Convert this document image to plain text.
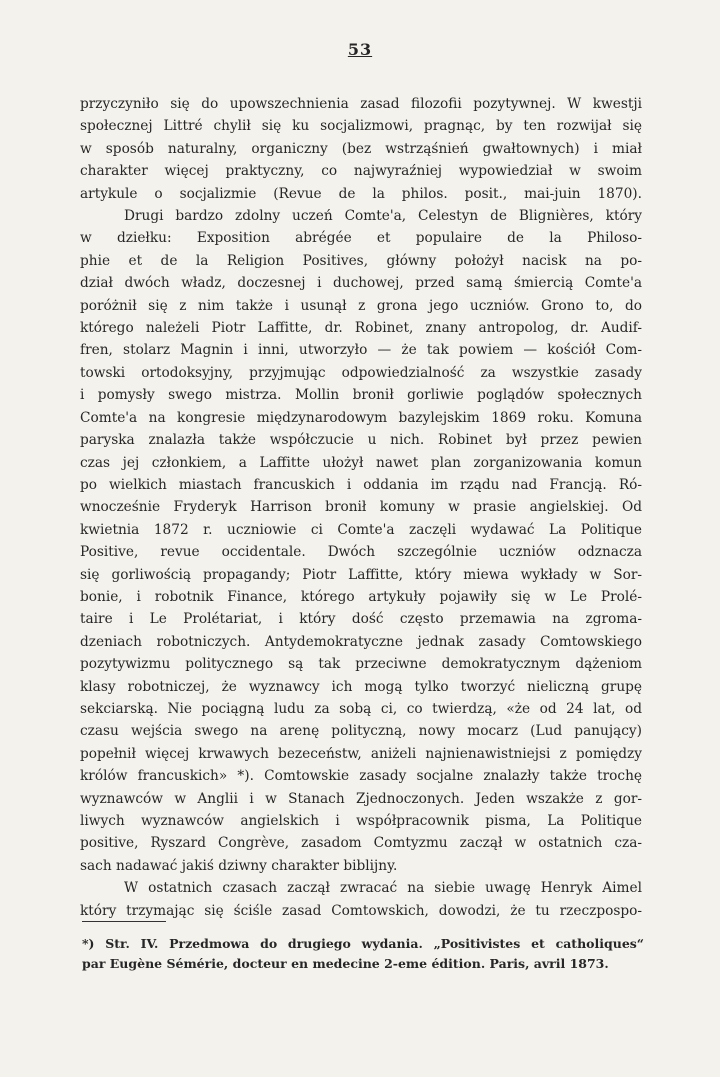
53
przyczyniło się do upowszechnienia zasad filozofii pozytywnej. W kwestji
społecznej Littré chylił się ku socjalizmowi, pragnąc, by ten rozwijał się
w sposób naturalny, organiczny (bez wstrząśnień gwałtownych) i miał
charakter więcej praktyczny, co najwyraźniej wypowiedział w swoim
artykule o socjalizmie (Revue de la philos. posit., mai-juin 1870).
Drugi bardzo zdolny uczeń Comte'a, Celestyn de Blignières, który
w dziełku: Exposition abrégée et populaire de la Philoso-
phie et de la Religion Positives, główny położył nacisk na po-
dział dwóch władz, doczesnej i duchowej, przed samą śmiercią Comte'a
poróżnił się z nim także i usunął z grona jego uczniów. Grono to, do
którego należeli Piotr Laffitte, dr. Robinet, znany antropolog, dr. Audif-
fren, stolarz Magnin i inni, utworzyło — że tak powiem — kościół Com-
towski ortodoksyjny, przyjmując odpowiedzialność za wszystkie zasady
i pomysły swego mistrza. Mollin bronił gorliwie poglądów społecznych
Comte'a na kongresie międzynarodowym bazylejskim 1869 roku. Komuna
paryska znalazła także współczucie u nich. Robinet był przez pewien
czas jej członkiem, a Laffitte ułożył nawet plan zorganizowania komun
po wielkich miastach francuskich i oddania im rządu nad Francją. Ró-
wnocześnie Fryderyk Harrison bronił komuny w prasie angielskiej. Od
kwietnia 1872 r. uczniowie ci Comte'a zaczęli wydawać La Politique
Positive, revue occidentale. Dwóch szczególnie uczniów odznacza
się gorliwością propagandy; Piotr Laffitte, który miewa wykłady w Sor-
bonie, i robotnik Finance, którego artykuły pojawiły się w Le Prolé-
taire i Le Prolétariat, i który dość często przemawia na zgroma-
dzeniach robotniczych. Antydemokratyczne jednak zasady Comtowskiego
pozytywizmu politycznego są tak przeciwne demokratycznym dążeniom
klasy robotniczej, że wyznawcy ich mogą tylko tworzyć nieliczną grupę
sekciarską. Nie pociągną ludu za sobą ci, co twierdzą, «że od 24 lat, od
czasu wejścia swego na arenę polityczną, nowy mocarz (Lud panujący)
popełnił więcej krwawych bezeceństw, aniżeli najnienawistniejsi z pomiędzy
królów francuskich» *). Comtowskie zasady socjalne znalazły także trochę
wyznawców w Anglii i w Stanach Zjednoczonych. Jeden wszakże z gor-
liwych wyznawców angielskich i współpracownik pisma, La Politique
positive, Ryszard Congrève, zasadom Comtyzmu zaczął w ostatnich cza-
sach nadawać jakiś dziwny charakter biblijny.
W ostatnich czasach zaczął zwracać na siebie uwagę Henryk Aimel
który trzymając się ściśle zasad Comtowskich, dowodzi, że tu rzeczpospo-
*) Str. IV. Przedmowa do drugiego wydania. „Positivistes et catholiques“
par Eugène Sémérie, docteur en medecine 2-eme édition. Paris, avril 1873.
